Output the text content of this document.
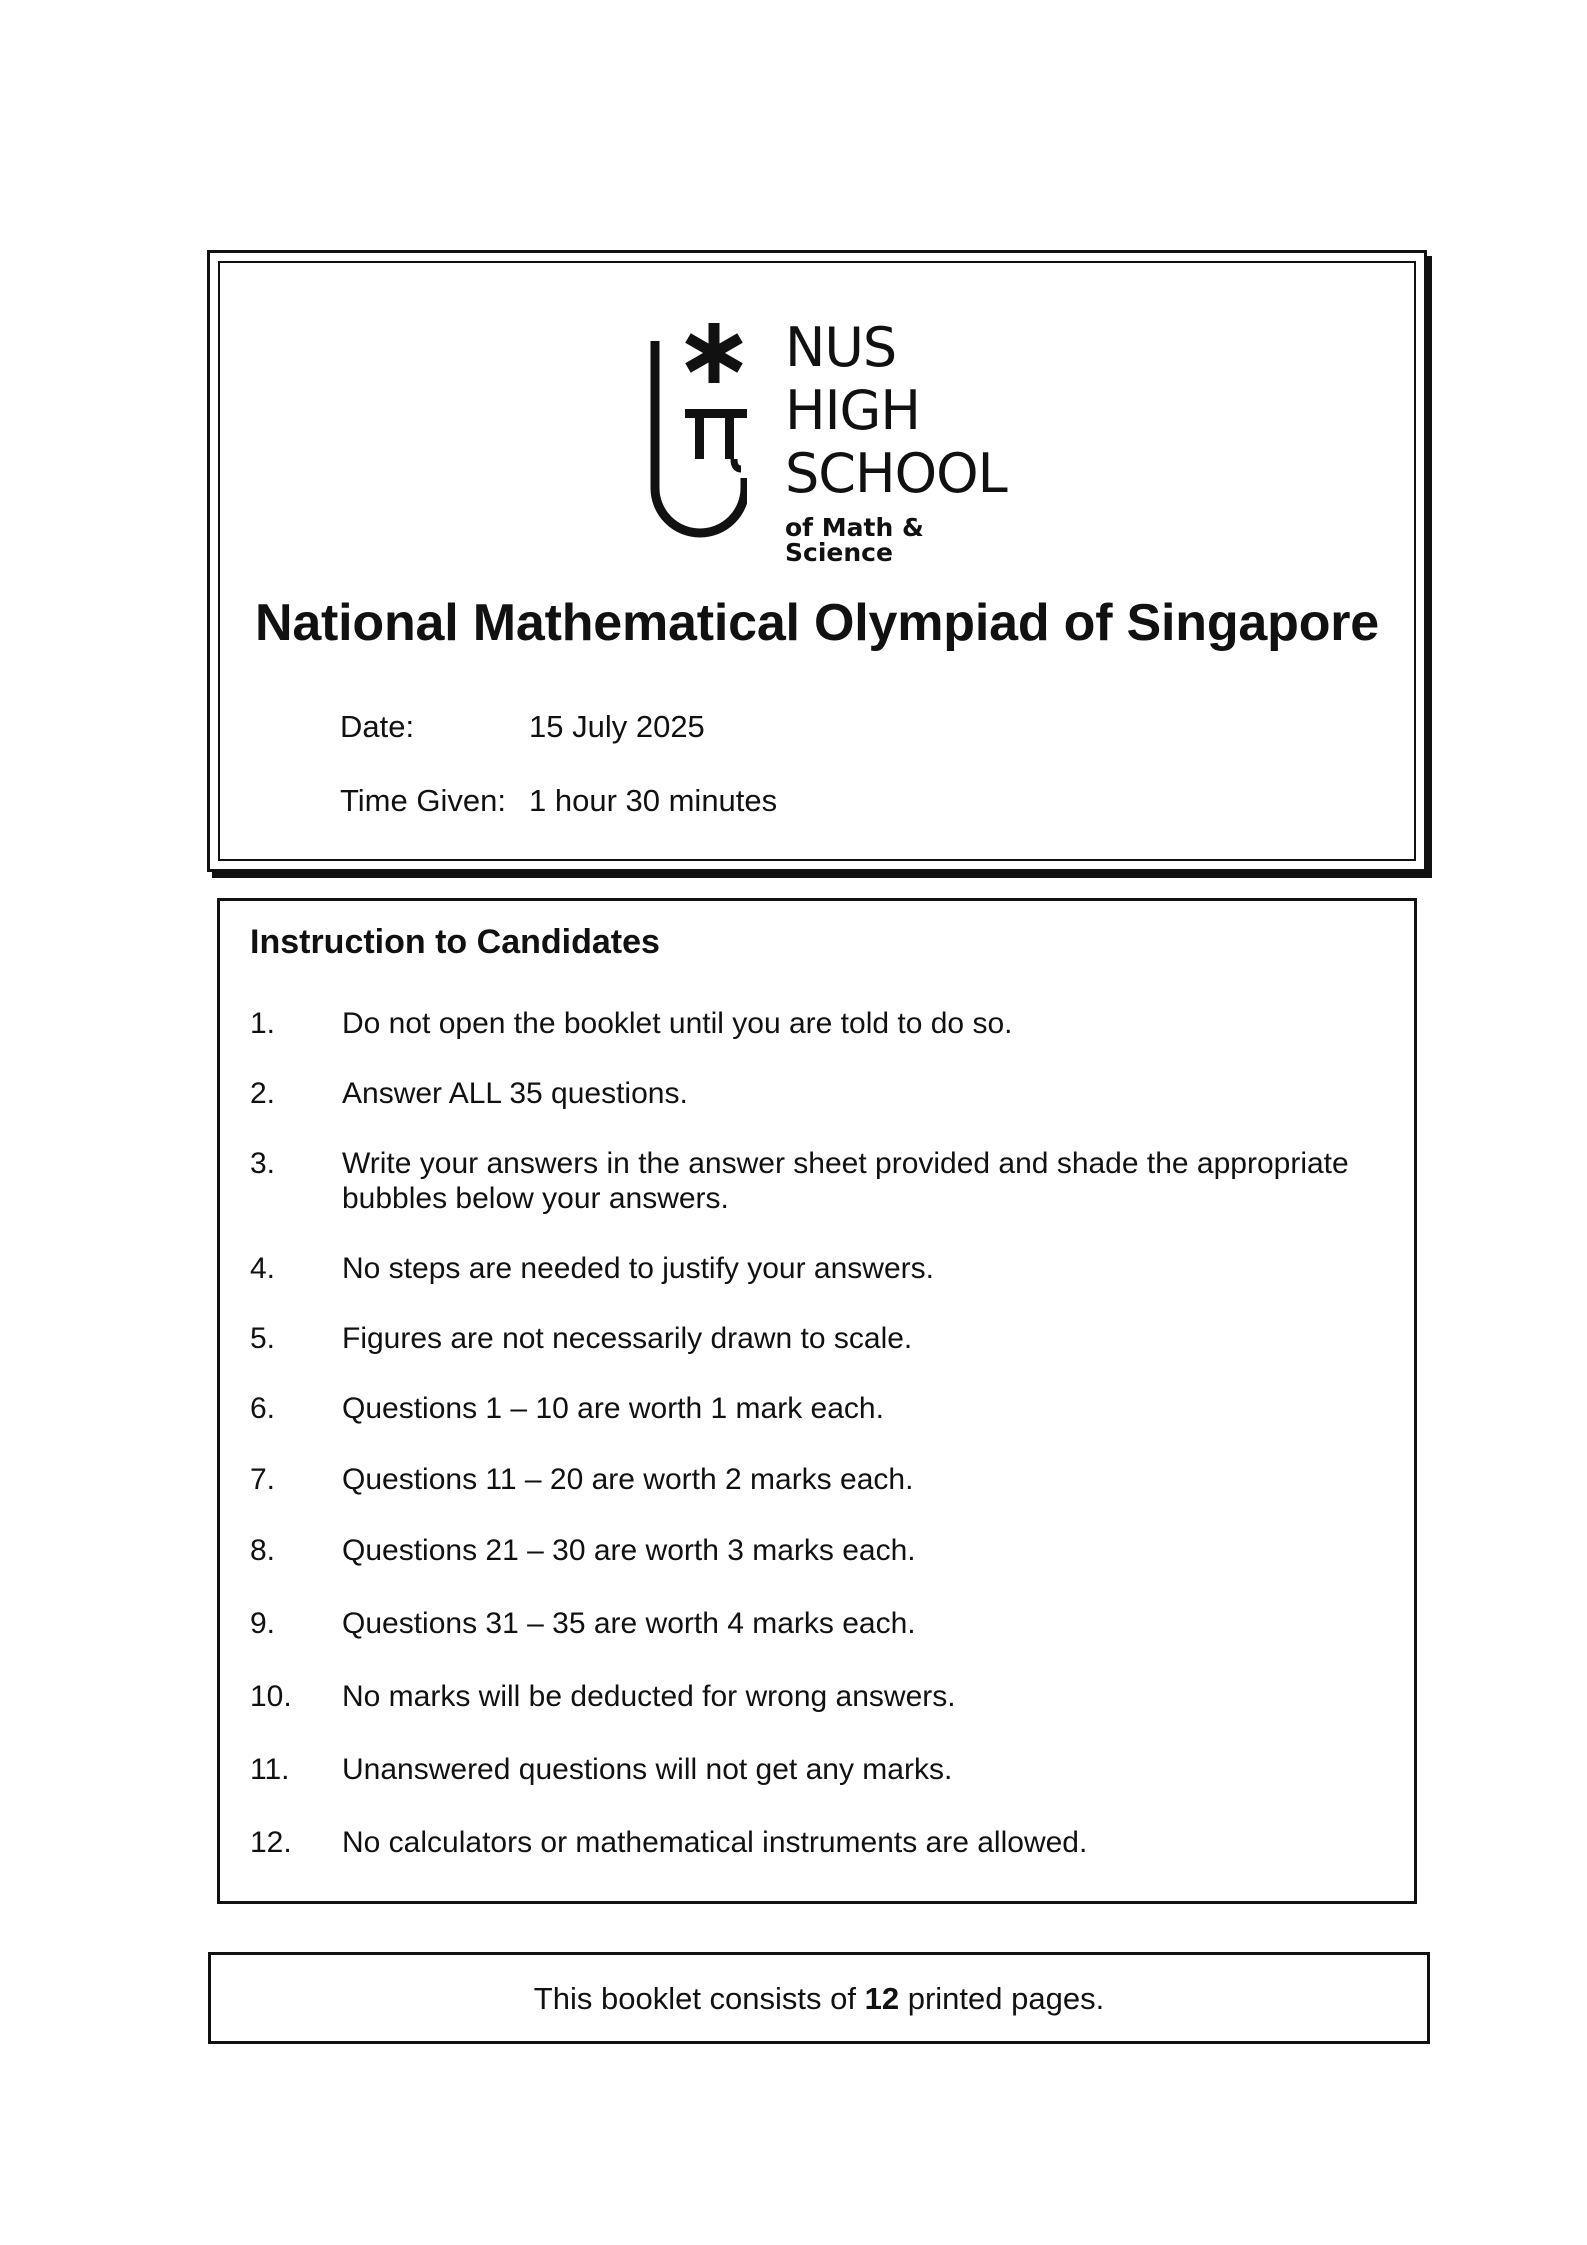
NUS
HIGH
SCHOOL
of Math & Science
National Mathematical Olympiad of Singapore
Date:	15 July 2025
Time Given: 1 hour 30 minutes
Instruction to Candidates
1. Do not open the booklet until you are told to do so.
2. Answer ALL 35 questions.
3. Write your answers in the answer sheet provided and shade the appropriate bubbles below your answers.
4. No steps are needed to justify your answers.
5. Figures are not necessarily drawn to scale.
6. Questions 1 – 10 are worth 1 mark each.
7. Questions 11 – 20 are worth 2 marks each.
8. Questions 21 – 30 are worth 3 marks each.
9. Questions 31 – 35 are worth 4 marks each.
10. No marks will be deducted for wrong answers.
11. Unanswered questions will not get any marks.
12. No calculators or mathematical instruments are allowed.
This booklet consists of 12 printed pages.
